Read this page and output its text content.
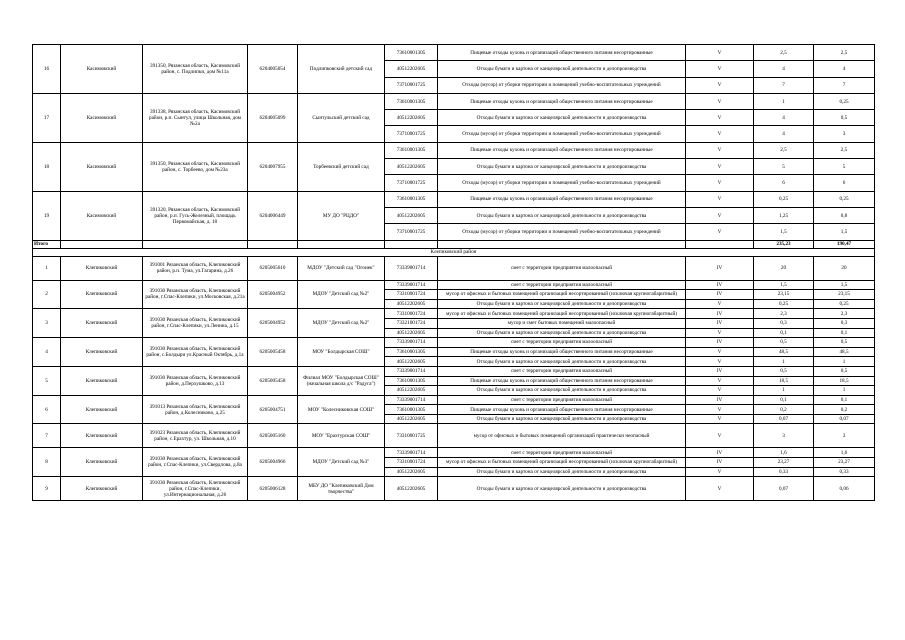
16	Касимовский	391350, Рязанская область, Касимовский район, с. Подлипки, дом №11а	6204005054	Подлипковский детский сад	73610001305	Пищевые отходы кухонь и организаций общественного питания несортированные	V	2,5	2,5
					40512202605	Отходы бумаги и картона от канцелярской деятельности и делопроизводства	V	4	4
					73710001725	Отходы (мусор) от уборки территории и помещений учебно-воспитательных учреждений	V	7	7
17	Касимовский	391338, Рязанская область, Касимовский район, р.п. Сынтул, улица Школьная, дом №2а	6204005099	Сынтульский детский сад	73610001305	Пищевые отходы кухонь и организаций общественного питания несортированные	V	1	0,25
					40512202605	Отходы бумаги и картона от канцелярской деятельности и делопроизводства	V	4	0,5
					73710001725	Отходы (мусор) от уборки территории и помещений учебно-воспитательных учреждений	V	4	3
18	Касимовский	391350, Рязанская область, Касимовский район, с. Торбеево, дом №23а	6204007955	Торбеевский детский сад	73610001305	Пищевые отходы кухонь и организаций общественного питания несортированные	V	2,5	2,5
					40512202605	Отходы бумаги и картона от канцелярской деятельности и делопроизводства	V	5	5
					73710001725	Отходы (мусор) от уборки территории и помещений учебно-воспитательных учреждений	V	6	6
19	Касимовский	391320, Рязанская область, Касимовский район, р.п. Гусь-Железный, площадь Первомайская, д. 18	6204006449	МУ ДО "РЦДО"	73610001305	Пищевые отходы кухонь и организаций общественного питания несортированные	V	0,25	0,25
					40512202605	Отходы бумаги и картона от канцелярской деятельности и делопроизводства	V	1,25	0,8
					73710001725	Отходы (мусор) от уборки территории и помещений учебно-воспитательных учреждений	V	1,5	1,5
Итого								235,23	190,47
Клепиковский район									
1	Клепиковский	391001 Рязанская область, Клепиковский район, р.п. Тума, ул.Гагарина, д.26	6205005610	МДОУ "Детский сад "Огонек"	73339001714	смет с территории предприятия малоопасный	IV	20	20
2	Клепиковский	391030 Рязанская область, Клепиковский район, г.Спас-Клепики, ул.Московская, д.21а	6205004952	МДОУ "Детский сад №2"	73339001714	смет с территории предприятия малоопасный	IV	1,5	1,5
					73310001724	мусор от офисных и бытовых помещений организаций несортированный (исключая крупногабаритный)	IV	23,15	23,15
					40512202605	Отходы бумаги и картона от канцелярской деятельности и делопроизводства	V	0,25	0,25
3	Клепиковский	391030 Рязанская область, Клепиковский район, г.Спас-Клепики, ул.Ленина, д.15	6205004952	МДОУ "Детский сад №2"	73310001724	мусор от офисных и бытовых помещений организаций несортированный (исключая крупногабаритный)	IV	2,3	2,3
					73321001724	мусор и смет бытовых помещений малоопасный	IV	0,3	0,3
					40512202605	Отходы бумаги и картона от канцелярской деятельности и делопроизводства	V	0,1	0,1
4	Клепиковский	391030 Рязанская область, Клепиковский район, с.Болдыри ул.Красный Октябрь, д.1а	6205005458	МОУ "Болдырская СОШ"	73339001714	смет с территории предприятия малоопасный	IV	0,5	0,5
					73610001305	Пищевые отходы кухонь и организаций общественного питания несортированные	V	48,5	48,5
					40512202605	Отходы бумаги и картона от канцелярской деятельности и делопроизводства	V	1	1
5	Клепиковский	391030 Рязанская область, Клепиковский район, д.Перхушково, д.13	6205005458	Филиал МОУ "Болдырская СОШ" (начальная школа д/с "Радуга")	73339001714	смет с территории предприятия малоопасный	IV	0,5	0,5
					73610001305	Пищевые отходы кухонь и организаций общественного питания несортированные	V	18,5	18,5
					40512202605	Отходы бумаги и картона от канцелярской деятельности и делопроизводства	V	1	1
6	Клепиковский	391013 Рязанская область, Клепиковский район, д.Колесниково, д.25	6205004751	МОУ "Колесниковская СОШ"	73339001714	смет с территории предприятия малоопасный	IV	0,1	0,1
					73610001305	Пищевые отходы кухонь и организаций общественного питания несортированные	V	0,2	0,2
					40512202605	Отходы бумаги и картона от канцелярской деятельности и делопроизводства	V	0,07	0,07
7	Клепиковский	391023 Рязанская область, Клепиковский район, с.Ерахтур, ул. Школьная, д.10	6205005160	МОУ "Ерахтурская СОШ"	73310001725	мусор от офисных и бытовых помещений организаций практически неопасный	V	3	3
8	Клепиковский	391030 Рязанская область, Клепиковский район, г.Спас-Клепики, ул.Свердлова, д.8а	6205004966	МДОУ "Детский сад №3"	73339001714	смет с территории предприятия малоопасный	IV	1,6	1,6
					73310001724	мусор от офисных и бытовых помещений организаций несортированный (исключая крупногабаритный)	IV	23,27	23,27
					40512202605	Отходы бумаги и картона от канцелярской деятельности и делопроизводства	V	0,33	0,33
9	Клепиковский	391030 Рязанская область, Клепиковский район, г.Спас-Клепики, ул.Интернациональная, д.26	6205006128	МБУ ДО "Клепиковский Дом творчества"	40512202605	Отходы бумаги и картона от канцелярской деятельности и делопроизводства	V	0,07	0,06
